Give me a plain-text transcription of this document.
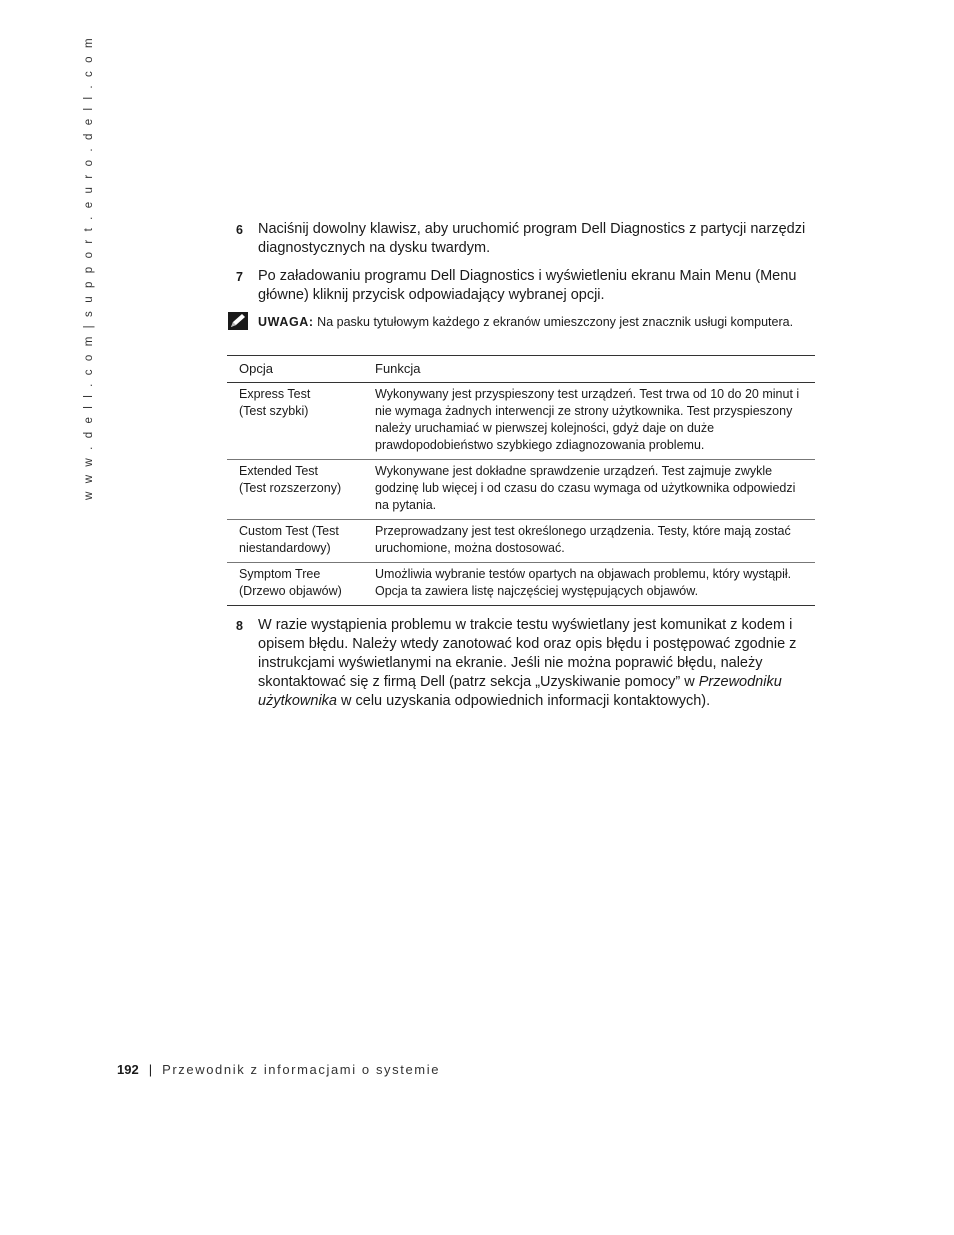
w w w . d e l l . c o m | s u p p o r t . e u r o . d e l l . c o m	6 Naciśnij dowolny klawisz, aby uruchomić program Dell Diagnostics z partycji narzędzi diagnostycznych na dysku twardym.
7 Po załadowaniu programu Dell Diagnostics i wyświetleniu ekranu Main Menu (Menu główne) kliknij przycisk odpowiadający wybranej opcji.
UWAGA: Na pasku tytułowym każdego z ekranów umieszczony jest znacznik usługi komputera.
Opcja	Funkcja
Express Test
(Test szybki)	Wykonywany jest przyspieszony test urządzeń. Test trwa od 10 do 20 minut i nie wymaga żadnych interwencji ze strony użytkownika. Test przyspieszony należy uruchamiać w pierwszej kolejności, gdyż daje on duże prawdopodobieństwo szybkiego zdiagnozowania problemu.
Extended Test
(Test rozszerzony)	Wykonywane jest dokładne sprawdzenie urządzeń. Test zajmuje zwykle godzinę lub więcej i od czasu do czasu wymaga od użytkownika odpowiedzi na pytania.
Custom Test (Test
niestandardowy)	Przeprowadzany jest test określonego urządzenia. Testy, które mają zostać uruchomione, można dostosować.
Symptom Tree
(Drzewo objawów)	Umożliwia wybranie testów opartych na objawach problemu, który wystąpił. Opcja ta zawiera listę najczęściej występujących objawów.
8 W razie wystąpienia problemu w trakcie testu wyświetlany jest komunikat z kodem i opisem błędu. Należy wtedy zanotować kod oraz opis błędu i postępować zgodnie z instrukcjami wyświetlanymi na ekranie. Jeśli nie można poprawić błędu, należy skontaktować się z firmą Dell (patrz sekcja „Uzyskiwanie pomocy” w Przewodniku użytkownika w celu uzyskania odpowiednich informacji kontaktowych).
192 | Przewodnik z informacjami o systemie
